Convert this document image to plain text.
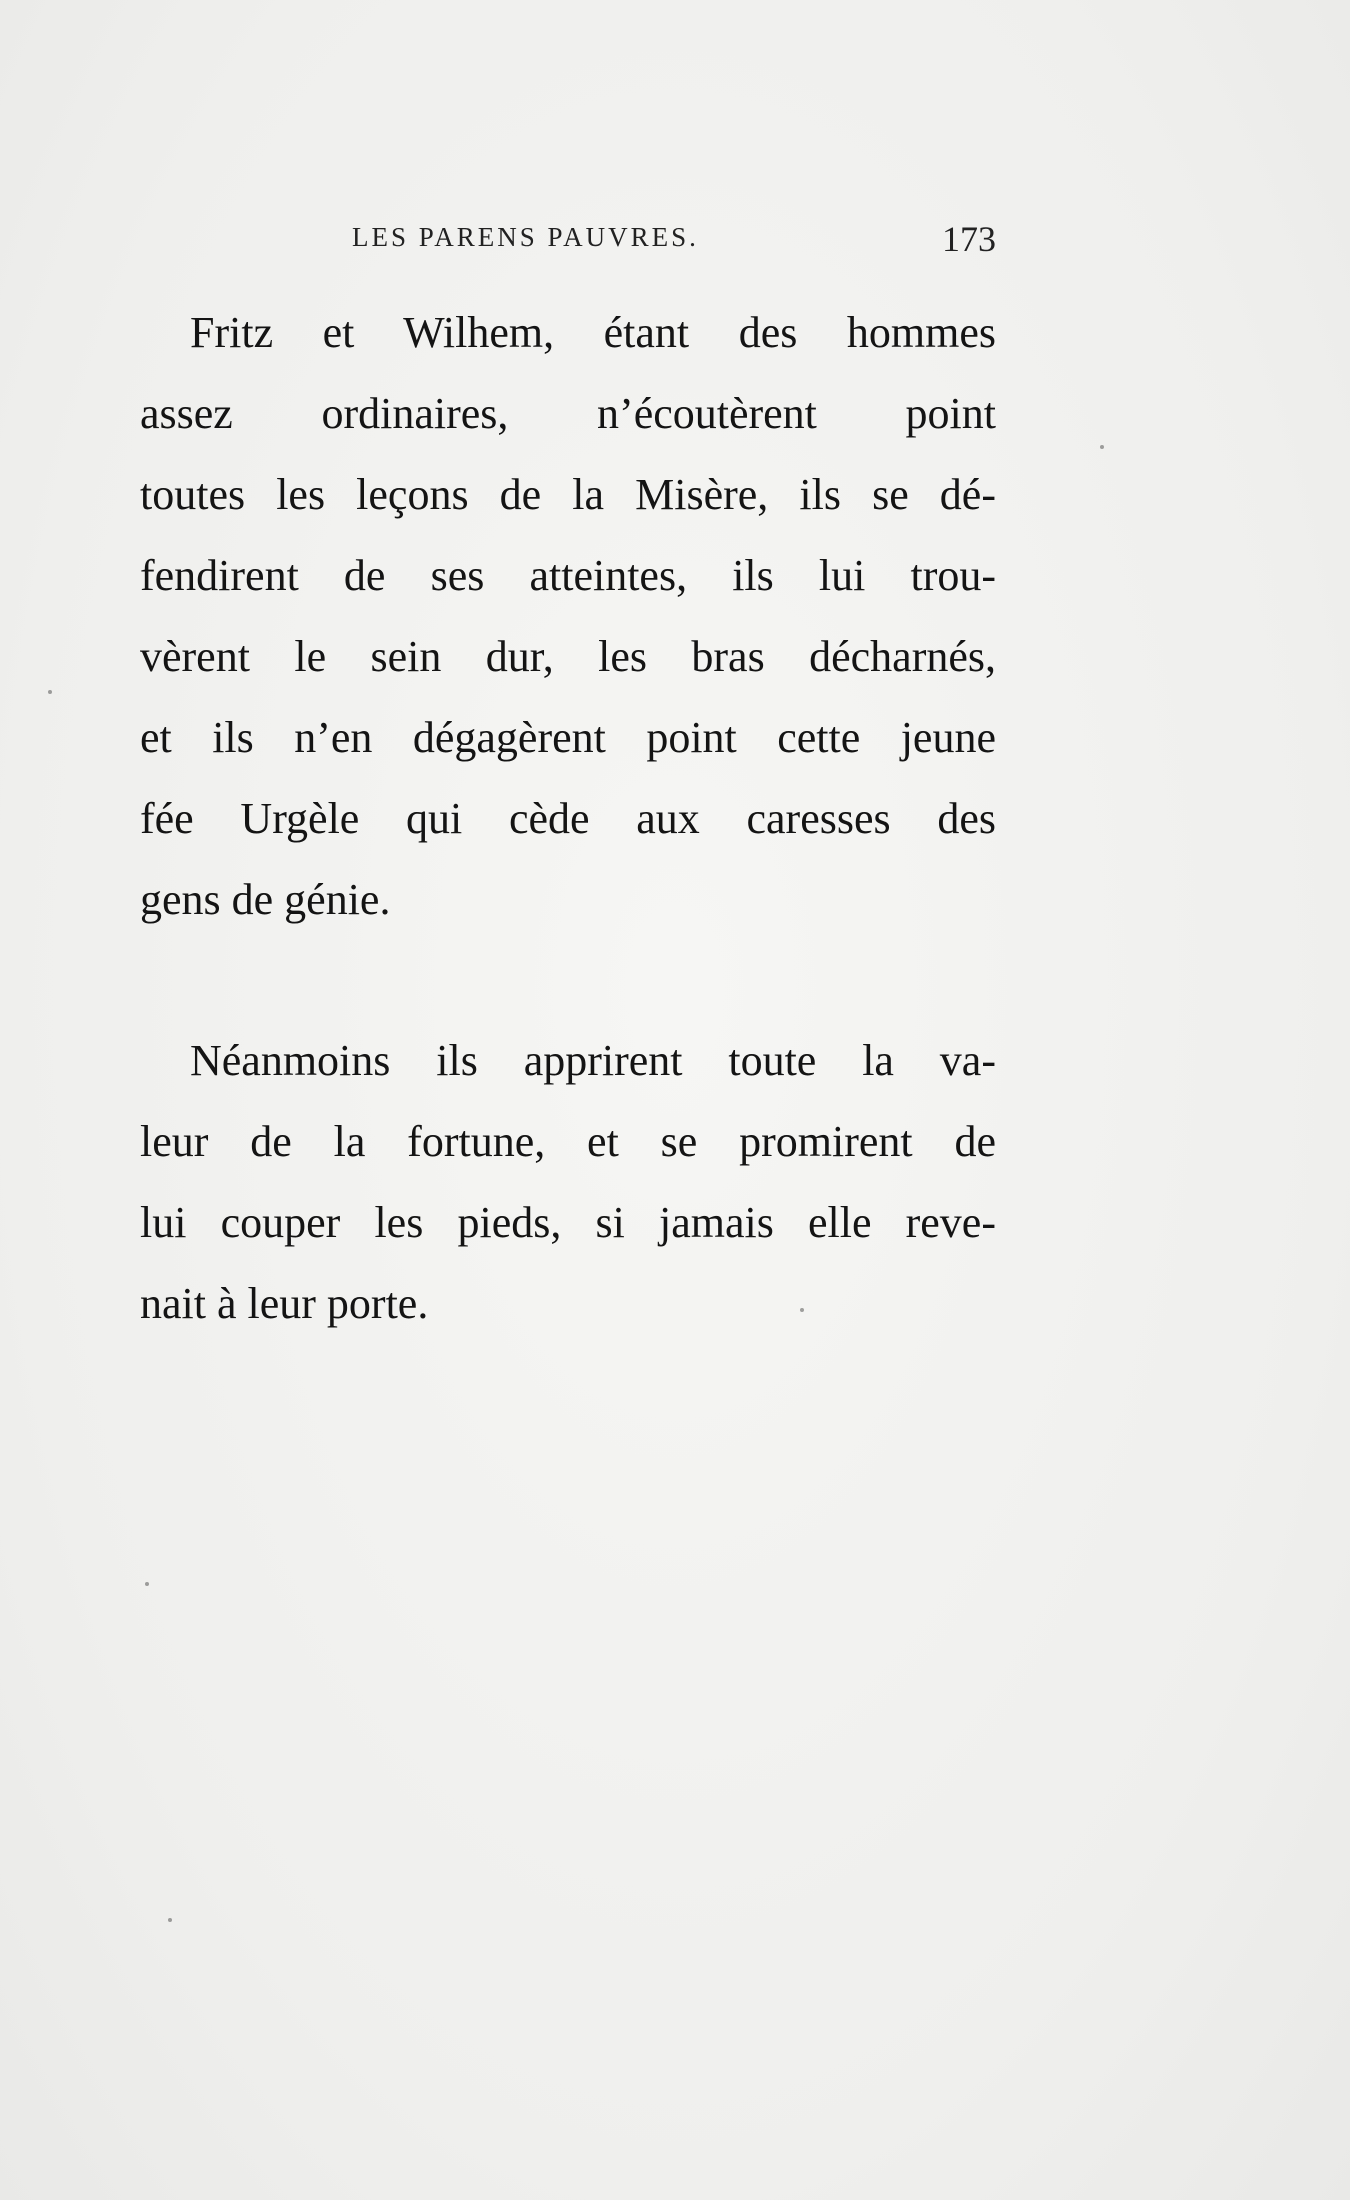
LES PARENS PAUVRES.	173

Fritz et Wilhem, étant des hommes
assez ordinaires, n’écoutèrent point
toutes les leçons de la Misère, ils se dé-
fendirent de ses atteintes, ils lui trou-
vèrent le sein dur, les bras décharnés,
et ils n’en dégagèrent point cette jeune
fée Urgèle qui cède aux caresses des
gens de génie.

Néanmoins ils apprirent toute la va-
leur de la fortune, et se promirent de
lui couper les pieds, si jamais elle reve-
nait à leur porte.
